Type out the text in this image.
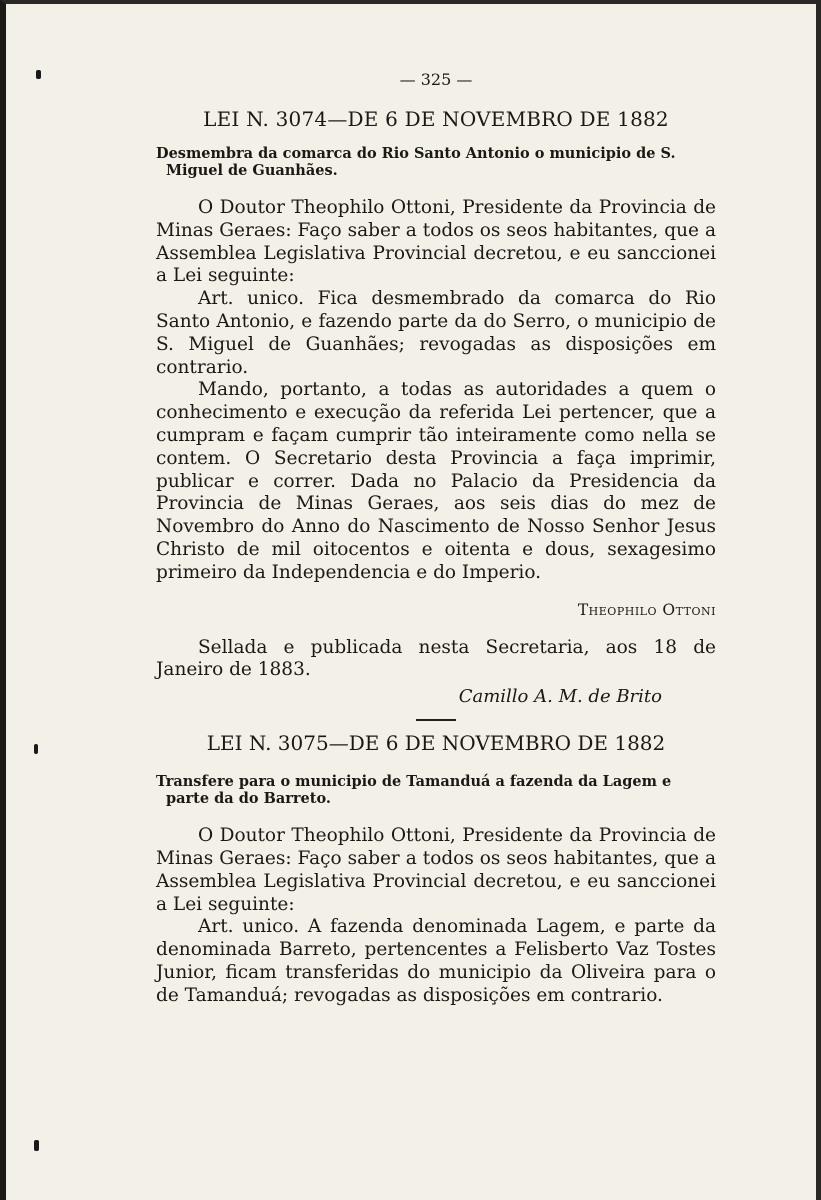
— 325 —
LEI N. 3074—DE 6 DE NOVEMBRO DE 1882
Desmembra da comarca do Rio Santo Antonio o municipio de S. Miguel de Guanhães.

O Doutor Theophilo Ottoni, Presidente da Provincia de Minas Geraes: Faço saber a todos os seos habitantes, que a Assemblea Legislativa Provincial decretou, e eu sanccionei a Lei seguinte:

Art. unico. Fica desmembrado da comarca do Rio Santo Antonio, e fazendo parte da do Serro, o municipio de S. Miguel de Guanhães; revogadas as disposições em contrario.

Mando, portanto, a todas as autoridades a quem o conhecimento e execução da referida Lei pertencer, que a cumpram e façam cumprir tão inteiramente como nella se contem. O Secretario desta Provincia a faça imprimir, publicar e correr. Dada no Palacio da Presidencia da Provincia de Minas Geraes, aos seis dias do mez de Novembro do Anno do Nascimento de Nosso Senhor Jesus Christo de mil oitocentos e oitenta e dous, sexagesimo primeiro da Independencia e do Imperio.

Theophilo Ottoni

Sellada e publicada nesta Secretaria, aos 18 de Janeiro de 1883.

Camillo A. M. de Brito
LEI N. 3075—DE 6 DE NOVEMBRO DE 1882
Transfere para o municipio de Tamanduá a fazenda da Lagem e parte da do Barreto.

O Doutor Theophilo Ottoni, Presidente da Provincia de Minas Geraes: Faço saber a todos os seos habitantes, que a Assemblea Legislativa Provincial decretou, e eu sanccionei a Lei seguinte:

Art. unico. A fazenda denominada Lagem, e parte da denominada Barreto, pertencentes a Felisberto Vaz Tostes Junior, ficam transferidas do municipio da Oliveira para o de Tamanduá; revogadas as disposições em contrario.
